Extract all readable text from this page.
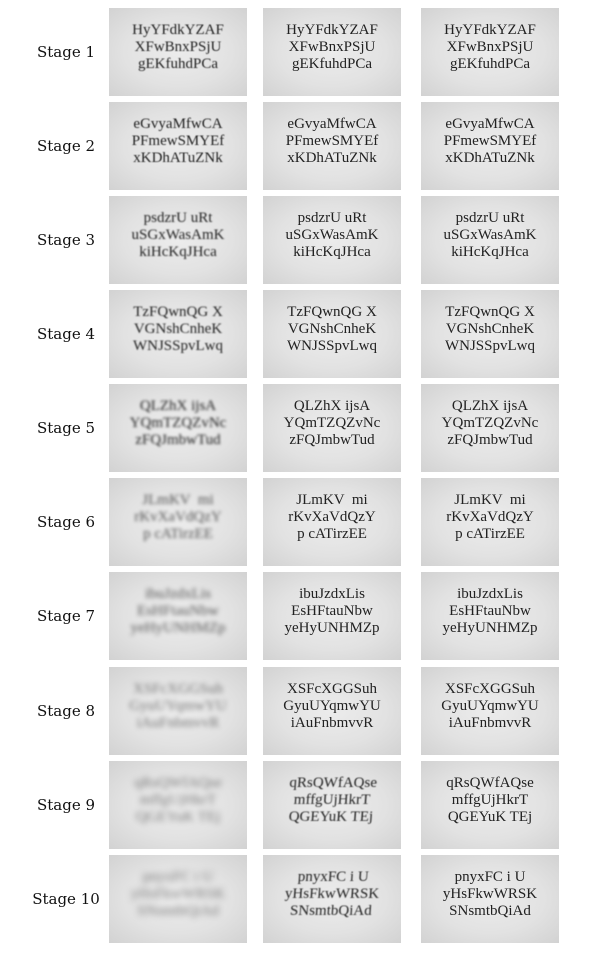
Stage 1
HyYFdkYZAF
XFwBnxPSjU
gEKfuhdPCa
HyYFdkYZAF
XFwBnxPSjU
gEKfuhdPCa
HyYFdkYZAF
XFwBnxPSjU
gEKfuhdPCa
Stage 2
eGvyaMfwCA
PFmewSMYEf
xKDhATuZNk
eGvyaMfwCA
PFmewSMYEf
xKDhATuZNk
eGvyaMfwCA
PFmewSMYEf
xKDhATuZNk
Stage 3
psdzrU uRt
uSGxWasAmK
kiHcKqJHca
psdzrU uRt
uSGxWasAmK
kiHcKqJHca
psdzrU uRt
uSGxWasAmK
kiHcKqJHca
Stage 4
TzFQwnQG X
VGNshCnheK
WNJSSpvLwq
TzFQwnQG X
VGNshCnheK
WNJSSpvLwq
TzFQwnQG X
VGNshCnheK
WNJSSpvLwq
Stage 5
QLZhX ijsA
YQmTZQZvNc
zFQJmbwTud
QLZhX ijsA
YQmTZQZvNc
zFQJmbwTud
QLZhX ijsA
YQmTZQZvNc
zFQJmbwTud
Stage 6
JLmKV  mi
rKvXaVdQzY
p cATirzEE
JLmKV  mi
rKvXaVdQzY
p cATirzEE
JLmKV  mi
rKvXaVdQzY
p cATirzEE
Stage 7
ibuJzdxLis
EsHFtauNbw
yeHyUNHMZp
ibuJzdxLis
EsHFtauNbw
yeHyUNHMZp
ibuJzdxLis
EsHFtauNbw
yeHyUNHMZp
Stage 8
XSFcXGGSuh
GyuUYqmwYU
iAuFnbmvvR
XSFcXGGSuh
GyuUYqmwYU
iAuFnbmvvR
XSFcXGGSuh
GyuUYqmwYU
iAuFnbmvvR
Stage 9
qRsQWfAQse
mffgUjHkrT
QGEYuK TEj
qRsQWfAQse
mffgUjHkrT
QGEYuK TEj
qRsQWfAQse
mffgUjHkrT
QGEYuK TEj
Stage 10
pnyxFC i U
yHsFkwWRSK
SNsmtbQiAd
pnyxFC i U
yHsFkwWRSK
SNsmtbQiAd
pnyxFC i U
yHsFkwWRSK
SNsmtbQiAd
